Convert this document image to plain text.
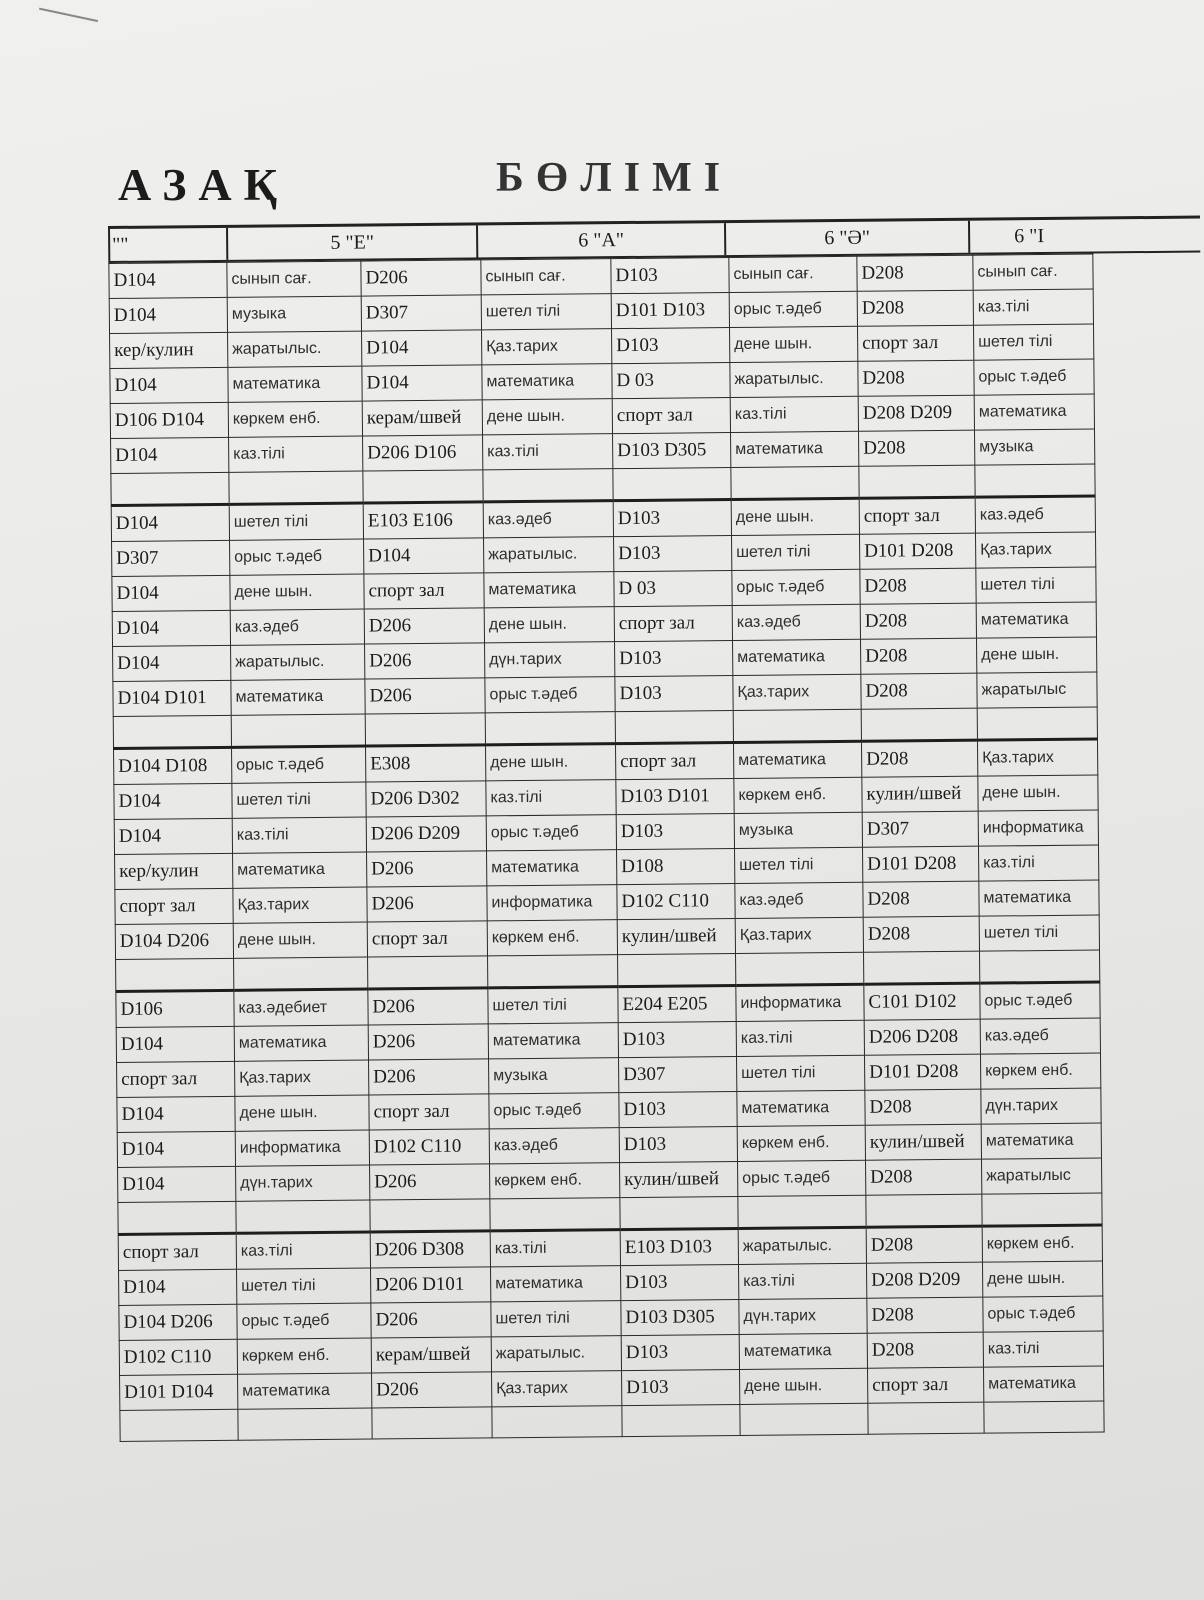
АЗАҚ	БӨЛІМІ
""	5 "Е"	6 "А"	6 "Ә"	6 "І
D104	сынып сағ.	D206	сынып сағ.	D103	сынып сағ.	D208	сынып сағ.
D104	музыка	D307	шетел тілі	D101 D103	орыс т.әдеб	D208	каз.тілі
кер/кулин	жаратылыс.	D104	Қаз.тарих	D103	дене шын.	спорт зал	шетел тілі
D104	математика	D104	математика	D 03	жаратылыс.	D208	орыс т.әдеб
D106 D104	көркем енб.	керам/швей	дене шын.	спорт зал	каз.тілі	D208 D209	математика
D104	каз.тілі	D206 D106	каз.тілі	D103 D305	математика	D208	музыка

D104	шетел тілі	E103 E106	каз.әдеб	D103	дене шын.	спорт зал	каз.әдеб
D307	орыс т.әдеб	D104	жаратылыс.	D103	шетел тілі	D101 D208	Қаз.тарих
D104	дене шын.	спорт зал	математика	D 03	орыс т.әдеб	D208	шетел тілі
D104	каз.әдеб	D206	дене шын.	спорт зал	каз.әдеб	D208	математика
D104	жаратылыс.	D206	дүн.тарих	D103	математика	D208	дене шын.
D104 D101	математика	D206	орыс т.әдеб	D103	Қаз.тарих	D208	жаратылыс

D104 D108	орыс т.әдеб	E308	дене шын.	спорт зал	математика	D208	Қаз.тарих
D104	шетел тілі	D206 D302	каз.тілі	D103 D101	көркем енб.	кулин/швей	дене шын.
D104	каз.тілі	D206 D209	орыс т.әдеб	D103	музыка	D307	информатика
кер/кулин	математика	D206	математика	D108	шетел тілі	D101 D208	каз.тілі
спорт зал	Қаз.тарих	D206	информатика	D102 C110	каз.әдеб	D208	математика
D104 D206	дене шын.	спорт зал	көркем енб.	кулин/швей	Қаз.тарих	D208	шетел тілі

D106	каз.әдебиет	D206	шетел тілі	E204 E205	информатика	C101 D102	орыс т.әдеб
D104	математика	D206	математика	D103	каз.тілі	D206 D208	каз.әдеб
спорт зал	Қаз.тарих	D206	музыка	D307	шетел тілі	D101 D208	көркем енб.
D104	дене шын.	спорт зал	орыс т.әдеб	D103	математика	D208	дүн.тарих
D104	информатика	D102 C110	каз.әдеб	D103	көркем енб.	кулин/швей	математика
D104	дүн.тарих	D206	көркем енб.	кулин/швей	орыс т.әдеб	D208	жаратылыс

спорт зал	каз.тілі	D206 D308	каз.тілі	E103 D103	жаратылыс.	D208	көркем енб.
D104	шетел тілі	D206 D101	математика	D103	каз.тілі	D208 D209	дене шын.
D104 D206	орыс т.әдеб	D206	шетел тілі	D103 D305	дүн.тарих	D208	орыс т.әдеб
D102 C110	көркем енб.	керам/швей	жаратылыс.	D103	математика	D208	каз.тілі
D101 D104	математика	D206	Қаз.тарих	D103	дене шын.	спорт зал	математика
